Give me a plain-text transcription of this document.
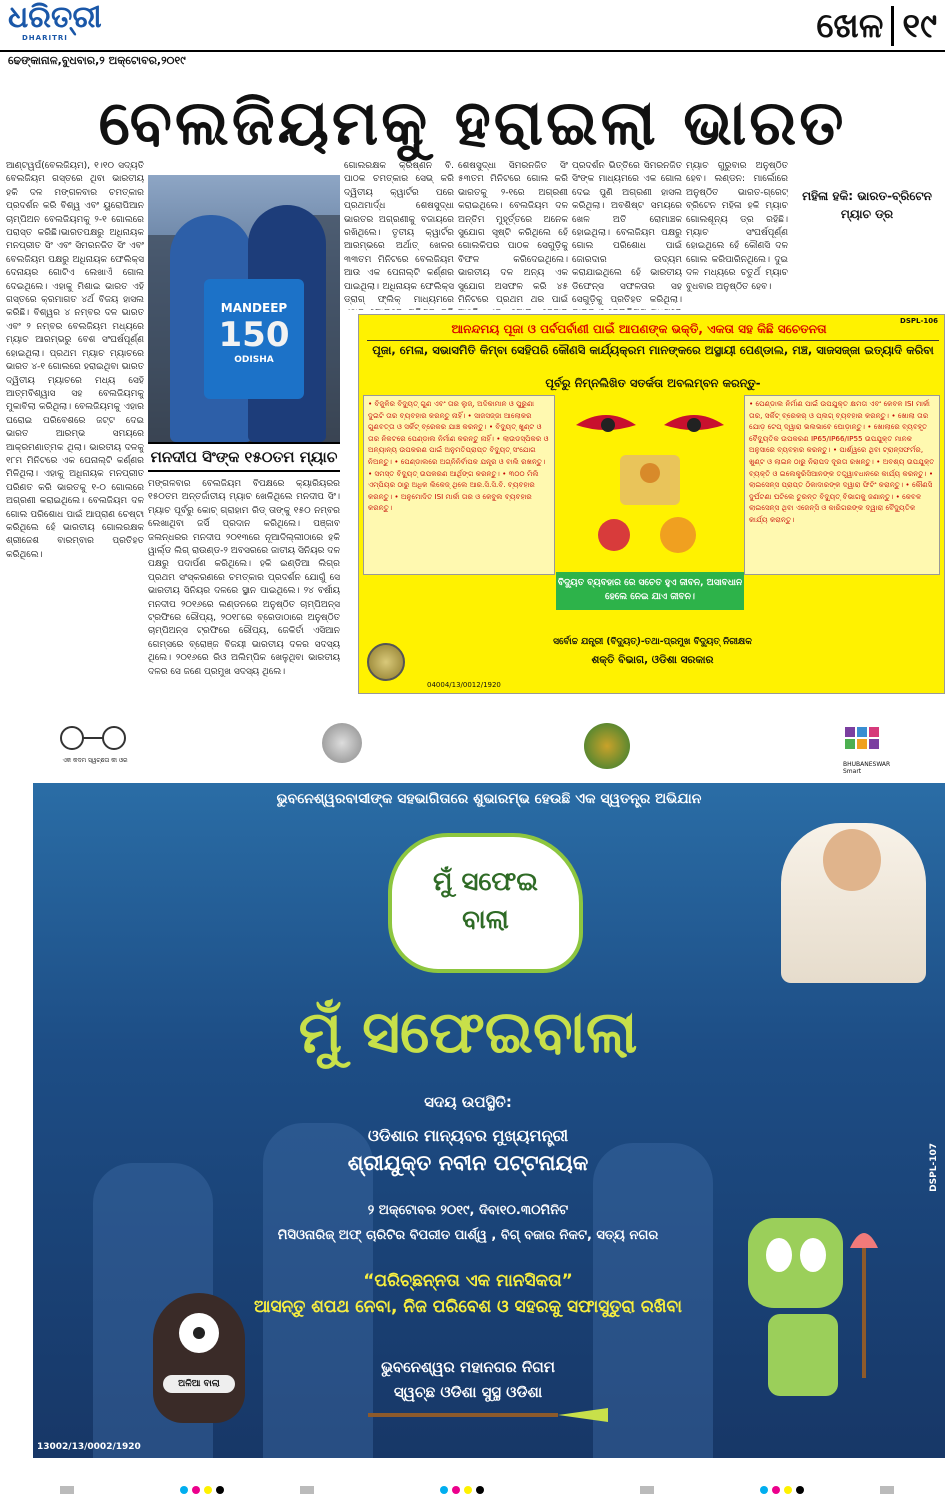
ଧରିତ୍ରୀ
DHARITRI	ଖେଳ ୧୯
ଢେଙ୍କାନାଳ,ବୁଧବାର,୨ ଅକ୍ଟୋବର,୨୦୧୯
ବେଲଜିୟମକୁ ହରାଇଲା ଭାରତ
ଆଣ୍ଟୱର୍ପ(ବେଲଜିୟମ), ୧।୧୦ ସଦ୍ୟତି ବେଲଜିୟମ ଗସ୍ତରେ ଥିବା ଭାରତୀୟ ହକି ଦଳ ମଙ୍ଗଳବାର ଚମତ୍କାର ପ୍ରଦର୍ଶନ କରି ବିଶ୍ୱ ଏବଂ ୟୁରୋପିଆନ ଚାମ୍ପିଅନ ବେଲଜିୟମକୁ ୨-୧ ଗୋଲରେ ପରାସ୍ତ କରିଛି।ଭାରତପକ୍ଷରୁ ଅଧିନାୟକ ମନପ୍ରୀତ ସିଂ ଏବଂ ସିମରନଜିତ ସିଂ ଏବଂ ବେଲଜିୟମ ପକ୍ଷରୁ ଅଧିନାୟକ ଫେଲିକ୍ସ ଦେନାୟର ଗୋଟିଏ ଲେଖାଏଁ ଗୋଲ ଦେଇଥିଲେ। ଏହାକୁ ମିଶାଇ ଭାରତ ଏହି ଗସ୍ତରେ କ୍ରମାଗତ ୪ର୍ଥ ବିଜୟ ହାସଲ କରିଛି। ବିଶ୍ୱର ୪ ନମ୍ବର ଦଳ ଭାରତ ଏବଂ ୨ ନମ୍ବର ବେଲଜିୟମ ମଧ୍ୟରେ ମ୍ୟାଚ ଆରମ୍ଭରୁ ବେଶ ସଂଘର୍ଷପୂର୍ଣ୍ଣ ହୋଇଥିଲା। ପ୍ରଥମ ମ୍ୟାଚ ମ୍ୟାଚରେ ଭାରତ ୪-୧ ଗୋଲରେ ହରାଇଥିବା ଭାରତ ଦ୍ୱିତୀୟ ମ୍ୟାଚରେ ମଧ୍ୟ ସେହି ଆତ୍ମବିଶ୍ୱାସ ସହ ବେଲଜିୟମକୁ ମୁକାବିଲା କରିଥିଲା। ବେଲଜିୟମକୁ ଏହାର ଘରୋଇ ପରିବେଶରେ ଜଟ୍ଟ ଦେଇ ଭାରତ ଆରମ୍ଭ ସମୟରେ ଆକ୍ରମଣାତ୍ମକ ଥିଲା। ଭାରତୀୟ ଦଳକୁ ୧୮ମ ମିନିଟରେ ଏକ ପେନାଲ୍ଟି କର୍ଣ୍ଣର ମିଳିଥିଲା। ଏହାକୁ ଅଧିନାୟକ ମନପ୍ରୀତ ପରିଣତ କରି ଭାରତକୁ ୧-୦ ଗୋଲରେ ଅଗ୍ରଣୀ କରାଇଥିଲେ। ବେଲଜିୟମ ଦଳ ଗୋଲ ପରିଶୋଧ ପାଇଁ ଆପ୍ରାଣ ଚେଷ୍ଟା କରିଥିଲେ ହେଁ ଭାରତୀୟ ଗୋଲରକ୍ଷକ ଶ୍ରୀଜେଶ ବାରମ୍ବାର ପ୍ରତିହତ କରିଥିଲେ।
MANDEEP
150
ODISHA
ମନଦୀପ ସିଂଙ୍କ ୧୫୦ତମ ମ୍ୟାଚ
ମଙ୍ଗଳବାର ବେଲଜିୟମ ବିପକ୍ଷରେ କ୍ୟାରିୟରର ୧୫୦ତମ ଅନ୍ତର୍ଜାତୀୟ ମ୍ୟାଚ ଖେଳିଥିଲେ ମନଦୀପ ସିଂ। ମ୍ୟାଚ ପୂର୍ବରୁ କୋଚ୍ ଗ୍ରାହାମ ରିଡ୍ ତାଙ୍କୁ ୧୫୦ ନମ୍ବର ଲେଖାଥିବା ଜର୍ସି ପ୍ରଦାନ କରିଥିଲେ। ପଞ୍ଜାବ ଜଲନ୍ଧରର ମନଦୀପ ୨୦୧୩ରେ ନୂଆଦିଲ୍ଲୀଠାରେ ହକି ୱାର୍ଲ୍ଡ ଲିଗ୍ ରାଉଣ୍ଡ-୨ ଅବସରରେ ଜାତୀୟ ସିନିୟର ଦଳ ପକ୍ଷରୁ ପଦାର୍ପଣ କରିଥିଲେ। ହକି ଇଣ୍ଡିଆ ଲିଗ୍ର ପ୍ରଥମ ସଂସ୍କରଣରେ ଚମତ୍କାର ପ୍ରଦର୍ଶନ ଯୋଗୁଁ ସେ ଭାରତୀୟ ସିନିୟର ଦଳରେ ସ୍ଥାନ ପାଇଥିଲେ। ୨୪ ବର୍ଷୀୟ ମନଦୀପ ୨୦୧୬ରେ ଲଣ୍ଡନରେ ଅନୁଷ୍ଠିତ ଚାମ୍ପିଅନ୍ସ ଟ୍ରଫିରେ ରୌପ୍ୟ, ୨୦୧୮ରେ ବ୍ରେଡାଠାରେ ଅନୁଷ୍ଠିତ ଚାମ୍ପିଅନ୍ସ ଟ୍ରଫିରେ ରୌପ୍ୟ, ଜେକିର୍ତା ଏସିଆନ ଗେମ୍ସରେ ବ୍ରୋଞ୍ଜ ବିଜୟୀ ଭାରତୀୟ ଦଳର ସଦସ୍ୟ ଥିଲେ। ୨୦୧୬ରେ ରିଓ ଅଲିମ୍ପିକ ଖେଳୁଥିବା ଭାରତୀୟ ଦଳର ସେ ଜଣେ ପ୍ରମୁଖ ସଦସ୍ୟ ଥିଲେ।
ଗୋଲରକ୍ଷକ କ୍ରିଷ୍ଣନ ବି. ପାଠକ ଚମତ୍କାର ସେଭ୍ କରି ଦ୍ୱିତୀୟ କ୍ୱାର୍ଟର ପରେ ପ୍ରଥମାର୍ଦ୍ଧ ଶେଷସୁଦ୍ଧା ଭାରତର ଅଗ୍ରଣୀକୁ ବଜାୟରେ ରଖିଥିଲେ। ତୃତୀୟ କ୍ୱାର୍ଟର ଆରମ୍ଭରେ ଅର୍ଥାତ୍ ଖେଳର ୩୩ତମ ମିନିଟରେ ବେଲଜିୟମ ଆଉ ଏକ ପେନାଲ୍ଟି କର୍ଣ୍ଣର ପାଇଥିଲା। ଅଧିନାୟକ ଫେଲିକ୍ସ ଡ୍ରାଗ୍ ଫ୍ଲିକ୍ ମାଧ୍ୟମରେ
ଶେଷସୁଦ୍ଧା ସିମରନଜିତ ସିଂ ୫୩ତମ ମିନିଟରେ ଗୋଲ କରି ଭାରତକୁ ୨-୧ରେ ଅଗ୍ରଣୀ କରାଇଥିଲେ। ବେଲଜିୟମ ଦଳ ଅନ୍ତିମ ମୁହୂର୍ତ୍ତରେ ଅନେକ ସୁଯୋଗ ସୃଷ୍ଟି କରିଥିଲେ ହେଁ ଗୋଲକିପର ପାଠକ ସେଗୁଡ଼ିକୁ ବିଫଳ କରିଦେଇଥିଲେ। ଭାରତୀୟ ଦଳ ଅନ୍ୟ ଏକ ସୁଯୋଗ ଅସଫଳ କରି ୪୫ ମିନିଟରେ ପ୍ରଥମ ଥର ପାଇଁ
ପ୍ରଦର୍ଶନ ଭିତ୍ତିରେ ସିମରନଜିତ ସିଂଙ୍କ ମାଧ୍ୟମରେ ଏକ ଗୋଲ ଦେଇ ପୁଣି ଅଗ୍ରଣୀ ହାସଲ କରିଥିଲା। ଅବଶିଷ୍ଟ ସମୟରେ ଖେଳ ଅତି ରୋମାଞ୍ଚକ ହୋଇଥିଲା। ବେଲଜିୟମ ପକ୍ଷରୁ ଗୋଲ ପରିଶୋଧ ପାଇଁ ଜୋରଦାର ଉଦ୍ୟମ କରାଯାଇଥିଲେ ହେଁ ଭାରତୀୟ ଡିଫେନ୍ସ ସଫଳତାର ସହ ସେଗୁଡ଼ିକୁ ପ୍ରତିହତ କରିଥିଲା।
ମ୍ୟାଚ ଗୁରୁବାର ଅନୁଷ୍ଠିତ ହେବ। ଲଣ୍ଡନ: ମାର୍ଲୋରେ ଅନୁଷ୍ଠିତ ଭାରତ-ଗ୍ରେଟ୍ ବ୍ରିଟେନ ମହିଳା ହକି ମ୍ୟାଚ ଗୋଲଶୂନ୍ୟ ଡ୍ର ରହିଛି। ମ୍ୟାଚ ସଂଘର୍ଷପୂର୍ଣ୍ଣ ହୋଇଥିଲେ ହେଁ କୌଣସି ଦଳ ଗୋଲ କରିପାରିନଥିଲେ। ଦୁଇ ଦଳ ମଧ୍ୟରେ ଚତୁର୍ଥ ମ୍ୟାଚ ବୁଧବାର ଅନୁଷ୍ଠିତ ହେବ।
ମହିଳା ହକି: ଭାରତ-ବ୍ରିଟେନ ମ୍ୟାଚ ଡ୍ର
ଆନନ୍ଦମୟ ପୂଜା ଓ ପର୍ବପର୍ବାଣୀ ପାଇଁ ଆପଣଙ୍କ ଭକ୍ତି, ଏକତା ସହ କିଛି ସଚେତନତା
DSPL-106
ପୂଜା, ମେଳା, ସଭାସମିତି କିମ୍ବା ସେହିପରି କୌଣସି କାର୍ଯ୍ୟକ୍ରମ ମାନଙ୍କରେ ଅସ୍ଥାୟୀ ପେଣ୍ଡାଲ, ମଞ୍ଚ, ସାଜସଜ୍ଜା ଇତ୍ୟାଦି କରିବା
ପୂର୍ବରୁ ନିମ୍ନଲିଖିତ ସତର୍କତା ଅବଲମ୍ବନ କରନ୍ତୁ-
• ବିଜୁଳିର ବିଦ୍ୟୁତ୍ ଗୁଣ ଏବଂ ତାର ଲୁଜ୍, ଅଦିକାମାନ ଓ ପୁରୁଣା ଦୁଇଟି ତାର ବ୍ୟବହାର କରନ୍ତୁ ନାହିଁ। • ସାଜସଜ୍ଜା ଆଲୋକର ଗୁଣବତ୍ତା ଓ ସର୍କିଟ୍ ବ୍ରେକର ଯାଞ୍ଚ କରନ୍ତୁ। • ବିଦ୍ୟୁତ୍ ଖୁଣ୍ଟ ଓ ତାର ନିକଟରେ ପେଣ୍ଡାଲ ନିର୍ମାଣ କରନ୍ତୁ ନାହିଁ। • ଲାଉଡସ୍ପିକର ଓ ଅନ୍ୟାନ୍ୟ ଉପକରଣ ପାଇଁ ଅନୁମତିପ୍ରାପ୍ତ ବିଦ୍ୟୁତ୍ ସଂଯୋଗ ନିଅନ୍ତୁ। • ପେଣ୍ଡାଲରେ ଅଗ୍ନିନିର୍ବାପକ ଯନ୍ତ୍ର ଓ ବାଲି ରଖନ୍ତୁ। • ସମସ୍ତ ବିଦ୍ୟୁତ୍ ଉପକରଣ ଆର୍ଥିଙ୍ଗ କରନ୍ତୁ। • ୩୦୦ ମିଲି ଏମ୍ପିୟର ଠାରୁ ଅଧିକ ଲିକେଜ୍ ଥିଲେ ଆର.ସି.ସି.ବି. ବ୍ୟବହାର କରନ୍ତୁ। • ଅନୁମୋଦିତ ISI ମାର୍କା ତାର ଓ କେବୁଲ ବ୍ୟବହାର କରନ୍ତୁ।
ବିଦ୍ୟୁତ ବ୍ୟବହାର ରେ ସଚେତ ହୁଏ ଜୀବନ, ଅସାବଧାନ ହେଲେ ନେଇ ଯାଏ ଜୀବନ।
• ପେଣ୍ଡାଲ ନିର୍ମାଣ ପାଇଁ ଉପଯୁକ୍ତ କ୍ଷମତା ଏବଂ କେବଳ ISI ମାର୍କା ତାର, ସର୍କିଟ୍ ବ୍ରେକର୍ ଓ ପ୍ଲଗ୍ ବ୍ୟବହାର କରନ୍ତୁ। • ଖୋଲା ତାର ଯୋଡ଼ ଟେପ୍ ଦ୍ୱାରା ଭଲଭାବେ ଘୋଡ଼ାନ୍ତୁ। • ଖୋଲାରେ ବ୍ୟବହୃତ ବୈଦ୍ୟୁତିକ ଉପକରଣ IP65/IP66/IP55 ଉପଯୁକ୍ତ ମାନକ ଅନୁସାରେ ବ୍ୟବହାର କରନ୍ତୁ। • ପାର୍ଶ୍ୱରେ ଥିବା ଟ୍ରାନ୍ସଫର୍ମର, ଖୁଣ୍ଟ ଓ ଲାଇନ ଠାରୁ ନିରାପଦ ଦୂରତା ରଖନ୍ତୁ। • ଅବଶ୍ୟ ଉପଯୁକ୍ତ ବ୍ୟକ୍ତି ଓ ଇଲେକ୍ଟ୍ରିସିଆନଙ୍କ ତତ୍ତ୍ୱାବଧାନରେ କାର୍ଯ୍ୟ କରନ୍ତୁ। • ଲାଇସେନ୍ସ ପ୍ରାପ୍ତ ଠିକାଦାରଙ୍କ ଦ୍ୱାରା ଫିଟିଂ କରାନ୍ତୁ। • କୌଣସି ଦୁର୍ଘଟଣା ଘଟିଲେ ତୁରନ୍ତ ବିଦ୍ୟୁତ୍ ବିଭାଗକୁ ଜଣାନ୍ତୁ। • କେବଳ ଲାଇସେନ୍ସ ଥିବା ଏଜେନ୍ସି ଓ କାରିଗରଙ୍କ ଦ୍ୱାରା ବୈଦ୍ୟୁତିକ କାର୍ଯ୍ୟ କରାନ୍ତୁ।
ସର୍ବୋଚ୍ଚ ଯନ୍ତ୍ରୀ (ବିଦ୍ୟୁତ୍)-ତଥା-ପ୍ରମୁଖ ବିଦ୍ୟୁତ୍ ନିରୀକ୍ଷକ
ଶକ୍ତି ବିଭାଗ, ଓଡିଶା ସରକାର
04004/13/0012/1920
ଏକ କଦମ ସ୍ୱଚ୍ଛତା କୀ ଓର
BHUBANESWAR Smart
ଭୁବନେଶ୍ୱରବାସୀଙ୍କ ସହଭାଗିତାରେ ଶୁଭାରମ୍ଭ ହେଉଛି ଏକ ସ୍ୱତନ୍ତ୍ର ଅଭିଯାନ
ମୁଁ ସଫେଇ
ବାଲା
ମୁଁ ସଫେଇବାଲା
ସଦୟ ଉପସ୍ଥିତି:
ଓଡିଶାର ମାନ୍ୟବର ମୁଖ୍ୟମନ୍ତ୍ରୀ
ଶ୍ରୀଯୁକ୍ତ ନବୀନ ପଟ୍ଟନାୟକ
୨ ଅକ୍ଟୋବର ୨୦୧୯, ଦିବା୧୦.୩୦ମିନିଟ
ମିସିଓନାରିଜ୍ ଅଫ୍ ଚାରିଟିର ବିପରୀତ ପାର୍ଶ୍ୱ , ବିଗ୍ ବଜାର ନିକଟ, ସତ୍ୟ ନଗର
“ପରିଚ୍ଛନ୍ନତା ଏକ ମାନସିକତା”
ଆସନ୍ତୁ ଶପଥ ନେବା, ନିଜ ପରିବେଶ ଓ ସହରକୁ ସଫାସୁତୁରା ରଖିବା
ଭୁବନେଶ୍ୱର ମହାନଗର ନିଗମ
ସ୍ୱଚ୍ଛ ଓଡିଶା ସୁସ୍ଥ ଓଡିଶା
ଅଳିଆ ବାଲା
DSPL-107
13002/13/0002/1920
